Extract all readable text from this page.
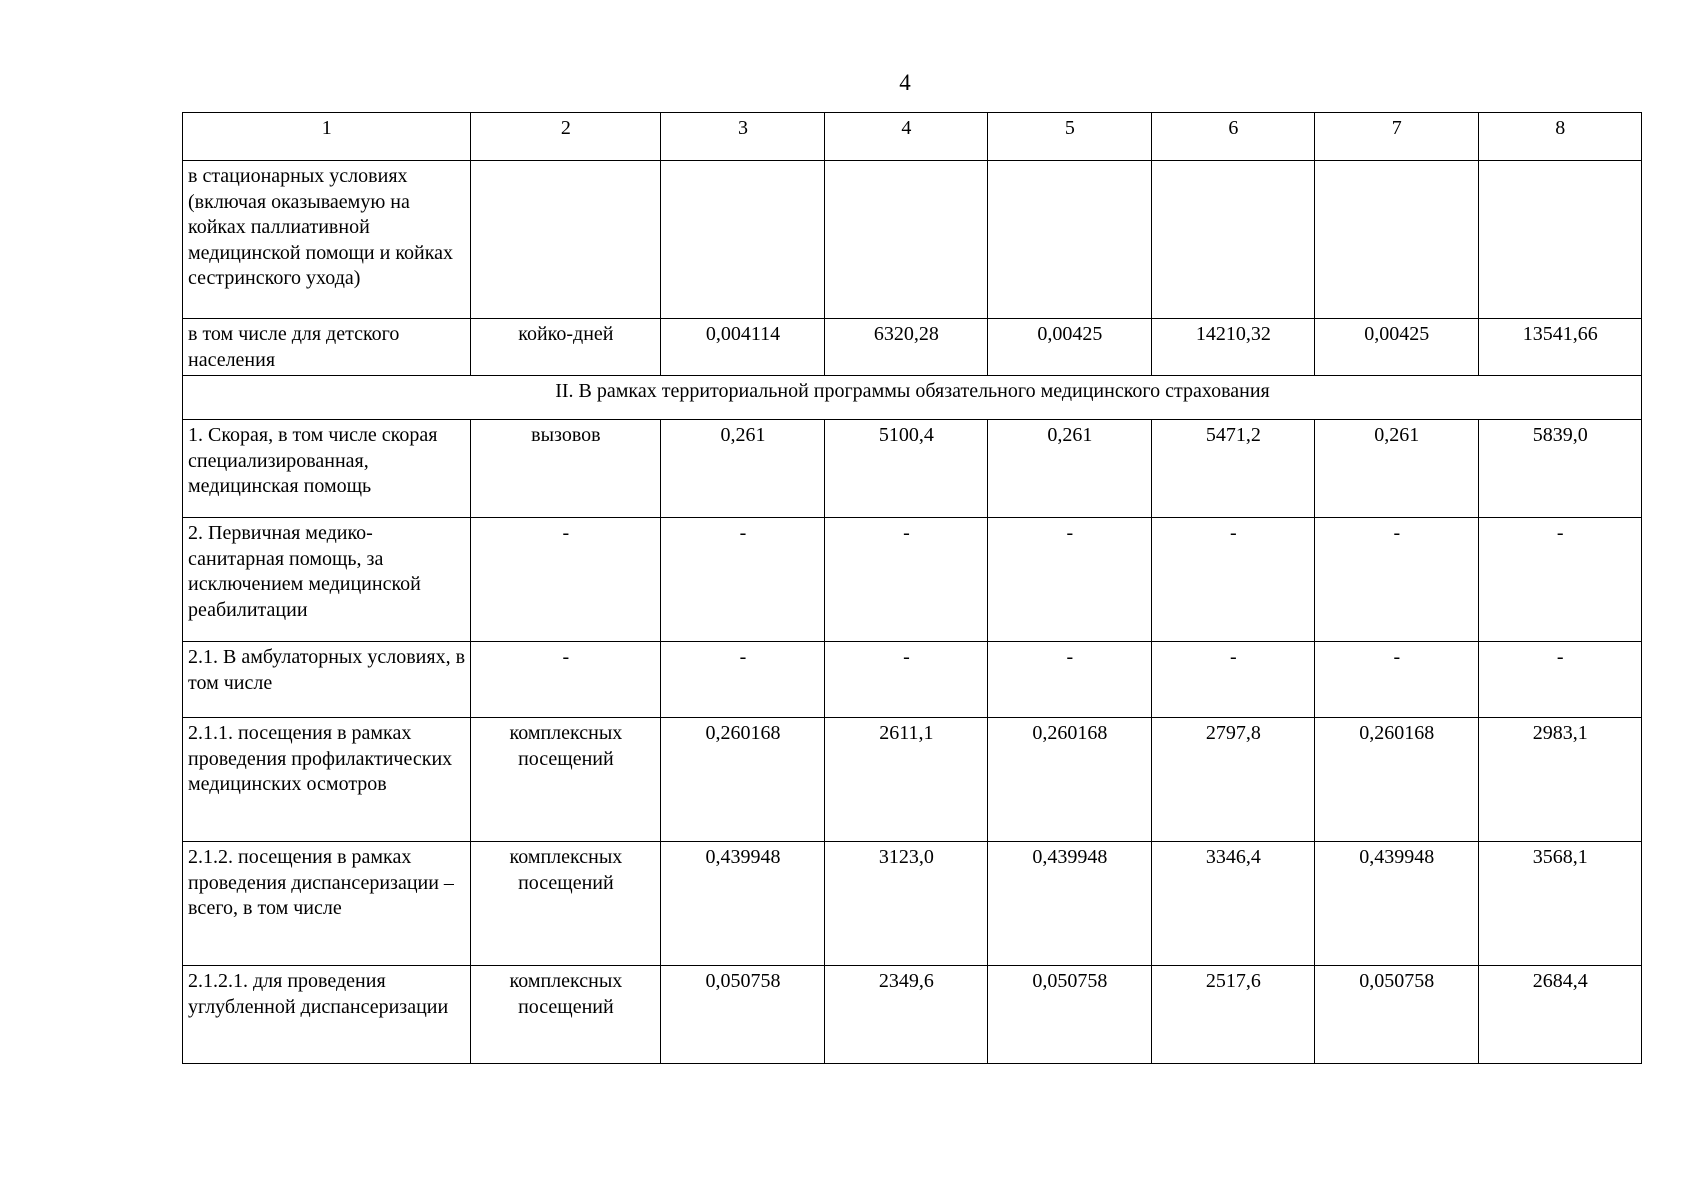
4
1	2	3	4	5	6	7	8
в стационарных условиях (включая оказываемую на койках паллиативной медицинской помощи и койках сестринского ухода)							
в том числе для детского населения	койко-дней	0,004114	6320,28	0,00425	14210,32	0,00425	13541,66
II. В рамках территориальной программы обязательного медицинского страхования							
1. Скорая, в том числе скорая специализированная, медицинская помощь	вызовов	0,261	5100,4	0,261	5471,2	0,261	5839,0
2. Первичная медико-санитарная помощь, за исключением медицинской реабилитации	-	-	-	-	-	-	-
2.1. В амбулаторных условиях, в том числе	-	-	-	-	-	-	-
2.1.1. посещения в рамках проведения профилактических медицинских осмотров	комплексных посещений	0,260168	2611,1	0,260168	2797,8	0,260168	2983,1
2.1.2. посещения в рамках проведения диспансеризации – всего, в том числе	комплексных посещений	0,439948	3123,0	0,439948	3346,4	0,439948	3568,1
2.1.2.1. для проведения углубленной диспансеризации	комплексных посещений	0,050758	2349,6	0,050758	2517,6	0,050758	2684,4
